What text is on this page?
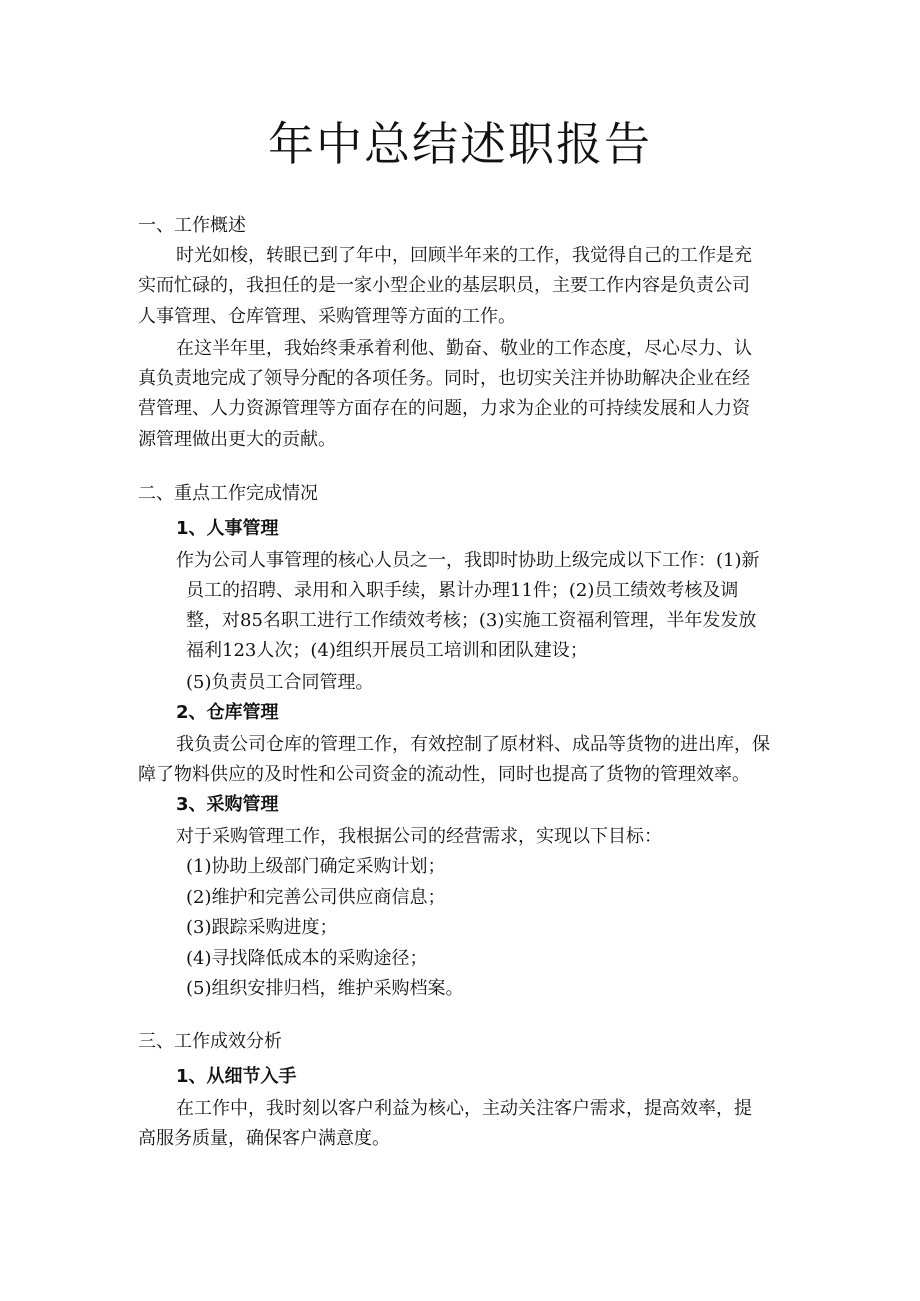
年中总结述职报告

一、工作概述

时光如梭，转眼已到了年中，回顾半年来的工作，我觉得自己的工作是充

实而忙碌的，我担任的是一家小型企业的基层职员，主要工作内容是负责公司

人事管理、仓库管理、采购管理等方面的工作。

在这半年里，我始终秉承着利他、勤奋、敬业的工作态度，尽心尽力、认

真负责地完成了领导分配的各项任务。同时，也切实关注并协助解决企业在经

营管理、人力资源管理等方面存在的问题，力求为企业的可持续发展和人力资

源管理做出更大的贡献。

二、重点工作完成情况

1、人事管理

作为公司人事管理的核心人员之一，我即时协助上级完成以下工作：(1)新

员工的招聘、录用和入职手续，累计办理11件；(2)员工绩效考核及调

整，对85名职工进行工作绩效考核；(3)实施工资福利管理，半年发发放

福利123人次；(4)组织开展员工培训和团队建设；

(5)负责员工合同管理。

2、仓库管理

我负责公司仓库的管理工作，有效控制了原材料、成品等货物的进出库，保

障了物料供应的及时性和公司资金的流动性，同时也提高了货物的管理效率。

3、采购管理

对于采购管理工作，我根据公司的经营需求，实现以下目标：

(1)协助上级部门确定采购计划；

(2)维护和完善公司供应商信息；

(3)跟踪采购进度；

(4)寻找降低成本的采购途径；

(5)组织安排归档，维护采购档案。

三、工作成效分析

1、从细节入手

在工作中，我时刻以客户利益为核心，主动关注客户需求，提高效率，提

高服务质量，确保客户满意度。
